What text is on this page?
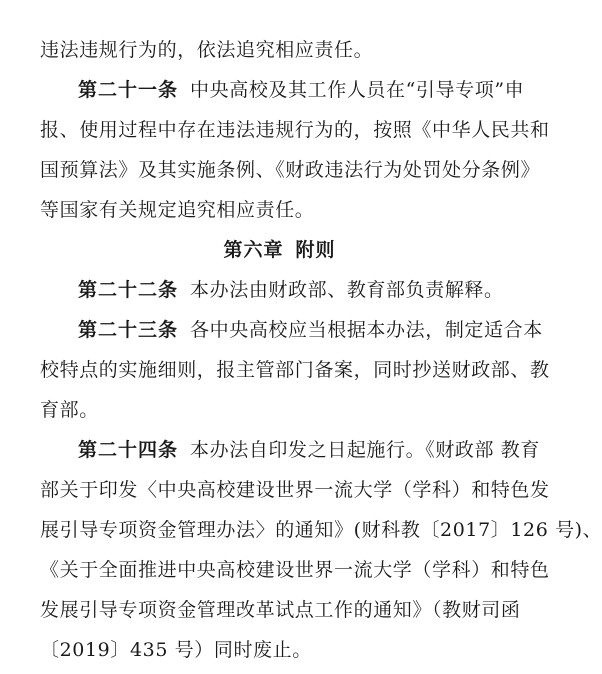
违法违规行为的，依法追究相应责任。
第二十一条 中央高校及其工作人员在“引导专项”申
报、使用过程中存在违法违规行为的，按照《中华人民共和
国预算法》及其实施条例、《财政违法行为处罚处分条例》
等国家有关规定追究相应责任。
第六章 附则
第二十二条 本办法由财政部、教育部负责解释。
第二十三条 各中央高校应当根据本办法，制定适合本
校特点的实施细则，报主管部门备案，同时抄送财政部、教
育部。
第二十四条 本办法自印发之日起施行。《财政部 教育
部关于印发〈中央高校建设世界一流大学（学科）和特色发
展引导专项资金管理办法〉的通知》(财科教〔2017〕126 号)、
《关于全面推进中央高校建设世界一流大学（学科）和特色
发展引导专项资金管理改革试点工作的通知》（教财司函
〔2019〕435 号）同时废止。
